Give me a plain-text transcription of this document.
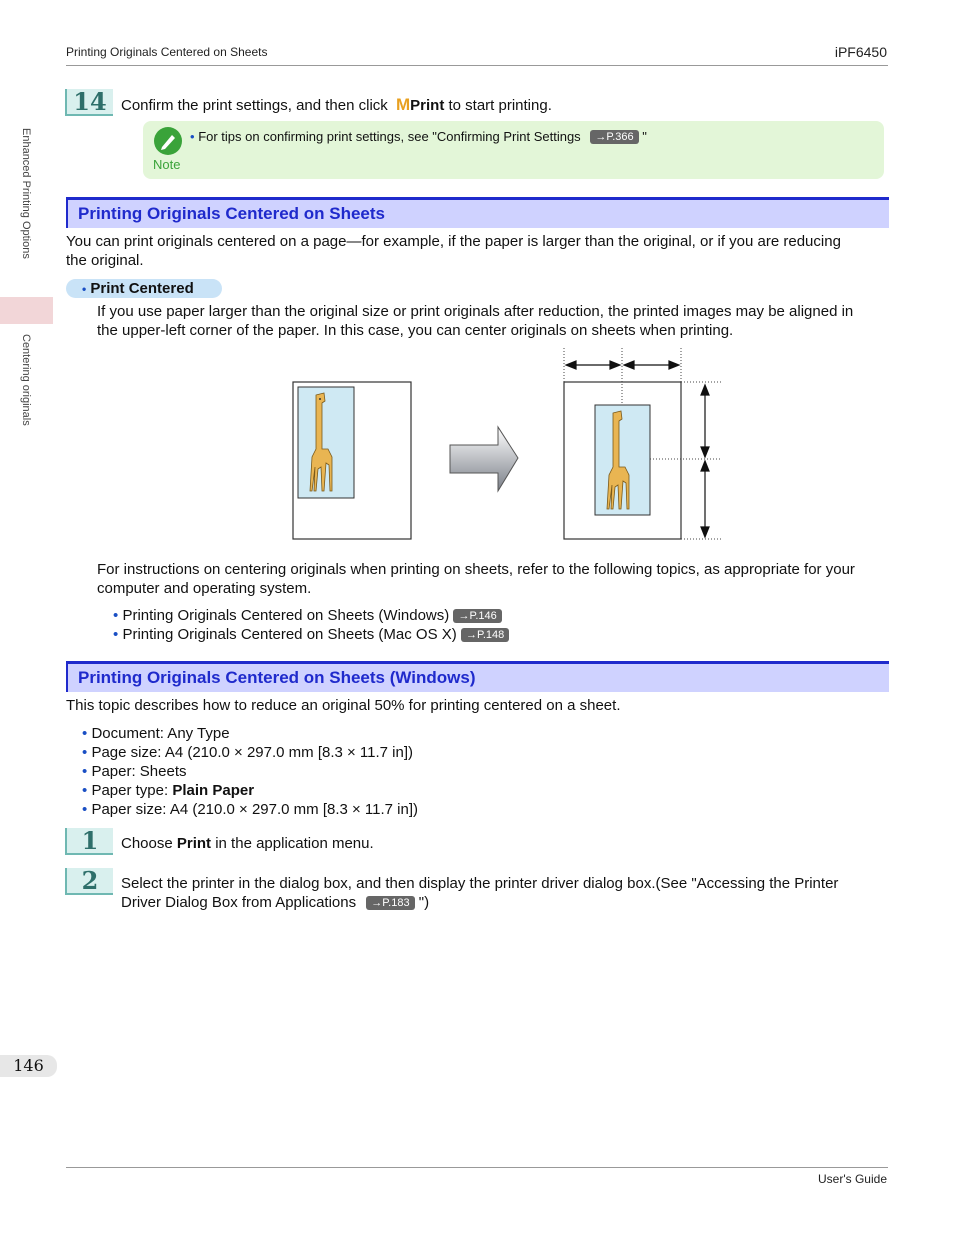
Printing Originals Centered on Sheets	iPF6450
Enhanced Printing Options
Centering originals
14 Confirm the print settings, and then click MPrint to start printing.
Note
• For tips on confirming print settings, see "Confirming Print Settings →P.366 "
Printing Originals Centered on Sheets
You can print originals centered on a page—for example, if the paper is larger than the original, or if you are reducing
the original.
• Print Centered
If you use paper larger than the original size or print originals after reduction, the printed images may be aligned in
the upper-left corner of the paper. In this case, you can center originals on sheets when printing.
For instructions on centering originals when printing on sheets, refer to the following topics, as appropriate for your
computer and operating system.
• Printing Originals Centered on Sheets (Windows) →P.146
• Printing Originals Centered on Sheets (Mac OS X) →P.148
Printing Originals Centered on Sheets (Windows)
This topic describes how to reduce an original 50% for printing centered on a sheet.
• Document: Any Type
• Page size: A4 (210.0 × 297.0 mm [8.3 × 11.7 in])
• Paper: Sheets
• Paper type: Plain Paper
• Paper size: A4 (210.0 × 297.0 mm [8.3 × 11.7 in])
1	Choose Print in the application menu.
2	Select the printer in the dialog box, and then display the printer driver dialog box.(See "Accessing the Printer
Driver Dialog Box from Applications →P.183 ")
146
User's Guide
